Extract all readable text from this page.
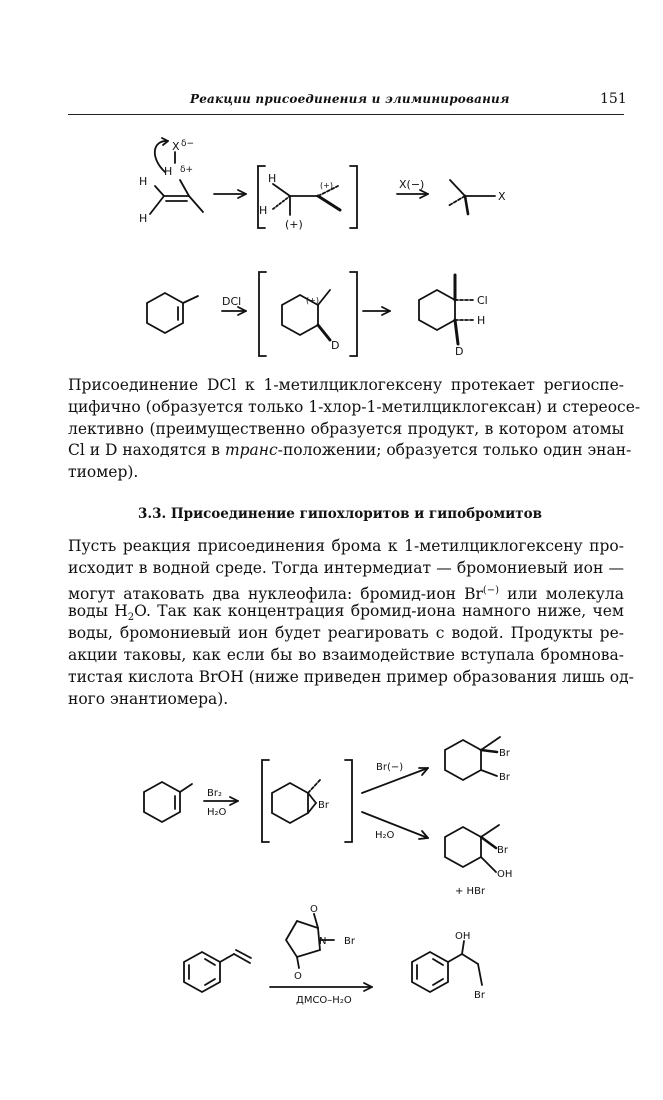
Реакции присоединения и элиминирования	151
X δ−
δ+
H
H
H
H
H
(+)
(+)	X(−)
X
DCl	(+)
D
Cl
H
D

Присоединение DCl к 1-метилциклогексену протекает региоспе-
цифично (образуется только 1-хлор-1-метилциклогексан) и стереосе-
лективно (преимущественно образуется продукт, в котором атомы
Cl и D находятся в транс-положении; образуется только один энан-
тиомер).

3.3. Присоединение гипохлоритов и гипобромитов

Пусть реакция присоединения брома к 1-метилциклогексену про-
исходит в водной среде. Тогда интермедиат — бромониевый ион —
могут атаковать два нуклеофила: бромид-ион Br(−) или молекула
воды $H_2O$. Так как концентрация бромид-иона намного ниже, чем
воды, бромониевый ион будет реагировать с водой. Продукты ре-
акции таковы, как если бы во взаимодействие вступала бромнова-
тистая кислота BrOH (ниже приведен пример образования лишь од-
ного энантиомера).

Br₂
H₂O
Br
Br(−)
H₂O
Br
Br
Br
OH
+ HBr
O
N Br
O
ДМСО–H₂O
OH
Br
